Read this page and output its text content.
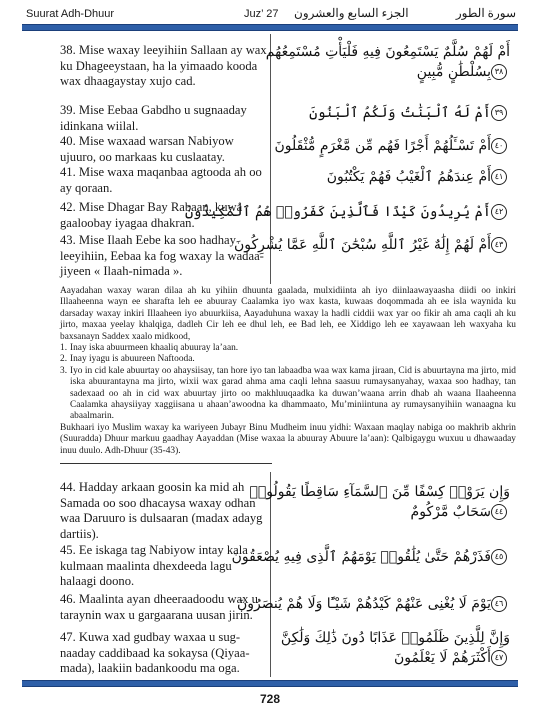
Suurat Adh-Dhuur	Juz’ 27 الجزء السابع والعشرون	سورة الطور
38. Mise waxay leeyihiin Sallaan ay wax ku Dhageeystaan, ha la yimaado kooda wax dhaagaystay xujo cad.
أَمْ لَهُمْ سُلَّمٌ يَسْتَمِعُونَ فِيهِ فَلْيَأْتِ مُسْتَمِعُهُم
٣٨بِسُلْطَٰنٍ مُّبِينٍ
39. Mise Eebaa Gabdho u sugnaaday idinkana wiilal.
٣٩أَمْ لَهُ ٱلْبَنَٰتُ وَلَكُمُ ٱلْبَنُونَ
40. Mise waxaad warsan Nabiyow ujuuro, oo markaas ku cuslaatay.
٤٠أَمْ تَسْـَٔلُهُمْ أَجْرًا فَهُم مِّن مَّغْرَمٍ مُّثْقَلُونَ
41. Mise waxa maqanbaa agtooda ah oo ay qoraan.
٤١أَمْ عِندَهُمُ ٱلْغَيْبُ فَهُمْ يَكْتُبُونَ
42. Mise Dhagar Bay Rabaan, kuwa gaaloobay iyagaa dhakran.
٤٢أَمْ يُرِيدُونَ كَيْدًا فَٱلَّذِينَ كَفَرُوا۟ هُمُ ٱلْمَكِيدُونَ
43. Mise Ilaah Eebe ka soo hadhay leeyihiin, Eebaa ka fog waxay la wadaa-jiyeen « Ilaah-nimada ».
٤٣أَمْ لَهُمْ إِلَٰهٌ غَيْرُ ٱللَّهِ سُبْحَٰنَ ٱللَّهِ عَمَّا يُشْرِكُونَ

Aayadahan waxay waran dilaa ah ku yihiin dhuunta gaalada, mulxidiinta ah iyo diinlaawayaasha diidi oo inkiri Illaaheenna wayn ee sharafta leh ee abuuray Caalamka iyo wax kasta, kuwaas doqommada ah ee isla waynida ku darsaday waxay inkiri Illaaheen iyo abuurkiisa, Aayaduhuna waxay la hadli ciddii wax yar oo fikir ah ama caqli ah ku jirto, maxaa yeelay khalqiga, dadleh Cir leh ee dhul leh, ee Bad leh, ee Xiddigo leh ee xayawaan leh waxyaha ku baxsanayn Saddex xaalo midkood,

1. Inay iska abuurmeen khaaliq abuuray la’aan.

2. Inay iyagu is abuureen Naftooda.

3. Iyo in cid kale abuurtay oo ahaysiisay, tan hore iyo tan labaadba waa wax kama jiraan, Cid is abuurtayna ma jirto, mid iska abuurantayna ma jirto, wixii wax garad ahma ama caqli lehna saasuu rumaysanyahay, waxaa soo hadhay, tan sadexaad oo ah in cid wax abuurtay jirto oo makhluuqaadka ka duwan’waana arrin dhab ah waana Ilaaheenna Caalamka ahaysiiyay xaggiisana u ahaan’awoodna ka dhammaato, Mu’miniintuna ay rumaysanyihiin wanaagna ku abaalmarin.

Bukhaari iyo Muslim waxay ka wariyeen Jubayr Binu Mudheim inuu yidhi: Waxaan maqlay nabiga oo makhrib akhrin (Suuradda) Dhuur markuu gaadhay Aayaddan (Mise waxaa la abuuray Abuure la’aan): Qalbigaygu wuxuu u dhawaaday inuu duulo. Adh-Dhuur (35-43).

44. Hadday arkaan goosin ka mid ah Samada oo soo dhacaysa waxay odhan waa Daruuro is dulsaaran (madax adayg dartiis).
وَإِن يَرَوْا۟ كِسْفًا مِّنَ ٱلسَّمَآءِ سَاقِطًا يَقُولُوا۟
٤٤سَحَابٌ مَّرْكُومٌ
45. Ee iskaga tag Nabiyow intay kala kulmaan maalinta dhexdeeda lagu halaagi doono.
٤٥فَذَرْهُمْ حَتَّىٰ يُلَٰقُوا۟ يَوْمَهُمُ ٱلَّذِى فِيهِ يُصْعَقُونَ
46. Maalinta ayan dheeraadoodu wax u taraynin wax u gargaarana uusan jirin.
٤٦يَوْمَ لَا يُغْنِى عَنْهُمْ كَيْدُهُمْ شَيْـًٔا وَلَا هُمْ يُنصَرُونَ
47. Kuwa xad gudbay waxaa u sug-naaday caddibaad ka sokaysa (Qiyaa-mada), laakiin badankoodu ma oga.
وَإِنَّ لِلَّذِينَ ظَلَمُوا۟ عَذَابًا دُونَ ذَٰلِكَ وَلَٰكِنَّ
٤٧أَكْثَرَهُمْ لَا يَعْلَمُونَ
728
